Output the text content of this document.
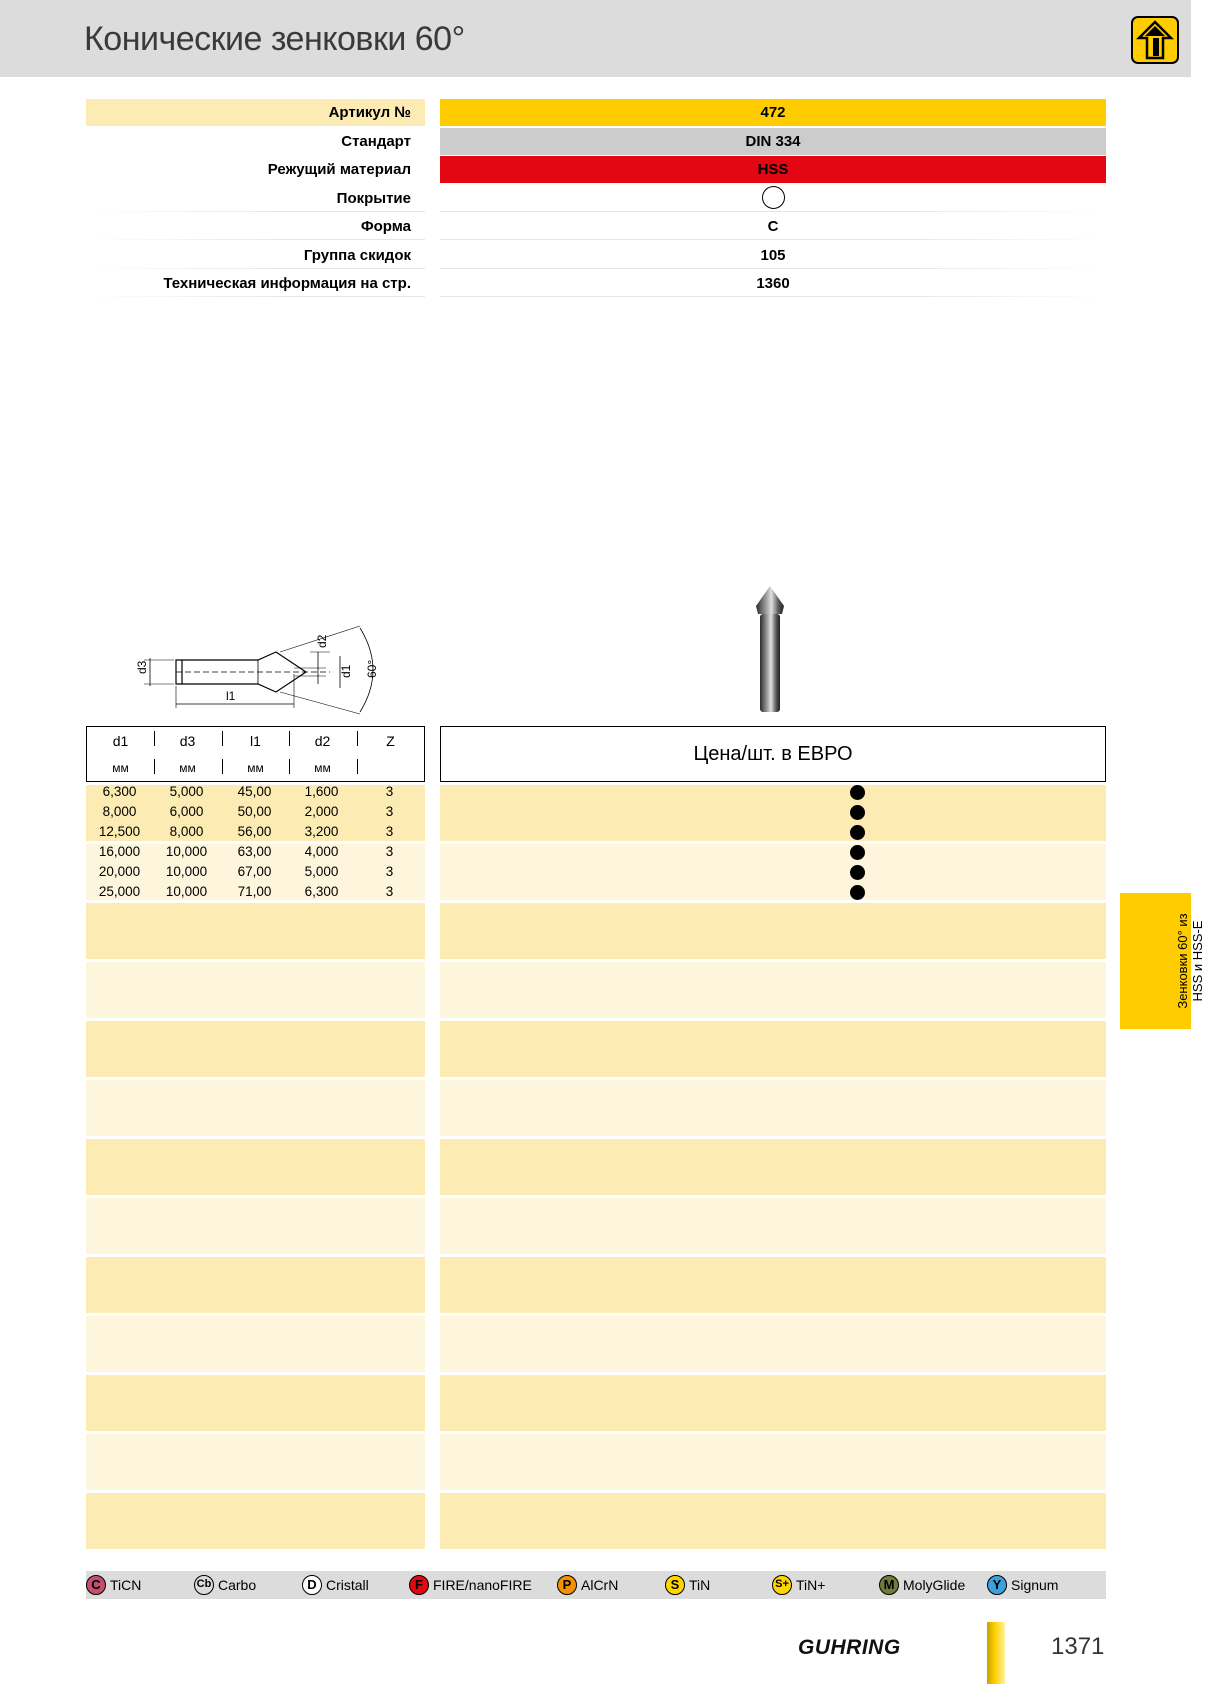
Конические зенковки 60°
Артикул №	472
Стандарт	DIN 334
Режущий материал	HSS
Покрытие
Форма	C
Группа скидок	105
Техническая информация на стр.	1360
d3
l1
d2
d1 60°
d1	d3	l1	d2	Z
мм	мм	мм	мм
Цена/шт. в ЕВРО
6,300	5,000	45,00	1,600	3
8,000	6,000	50,00	2,000	3
12,500	8,000	56,00	3,200	3
16,000	10,000	63,00	4,000	3
20,000	10,000	67,00	5,000	3
25,000	10,000	71,00	6,300	3
Зенковки 60° из HSS и HSS-E
C TiCN	Cb Carbo	D Cristall	F FIRE/nanoFIRE	P AlCrN	S TiN	S+ TiN+	M MolyGlide	Y Signum
GUHRING	1371
